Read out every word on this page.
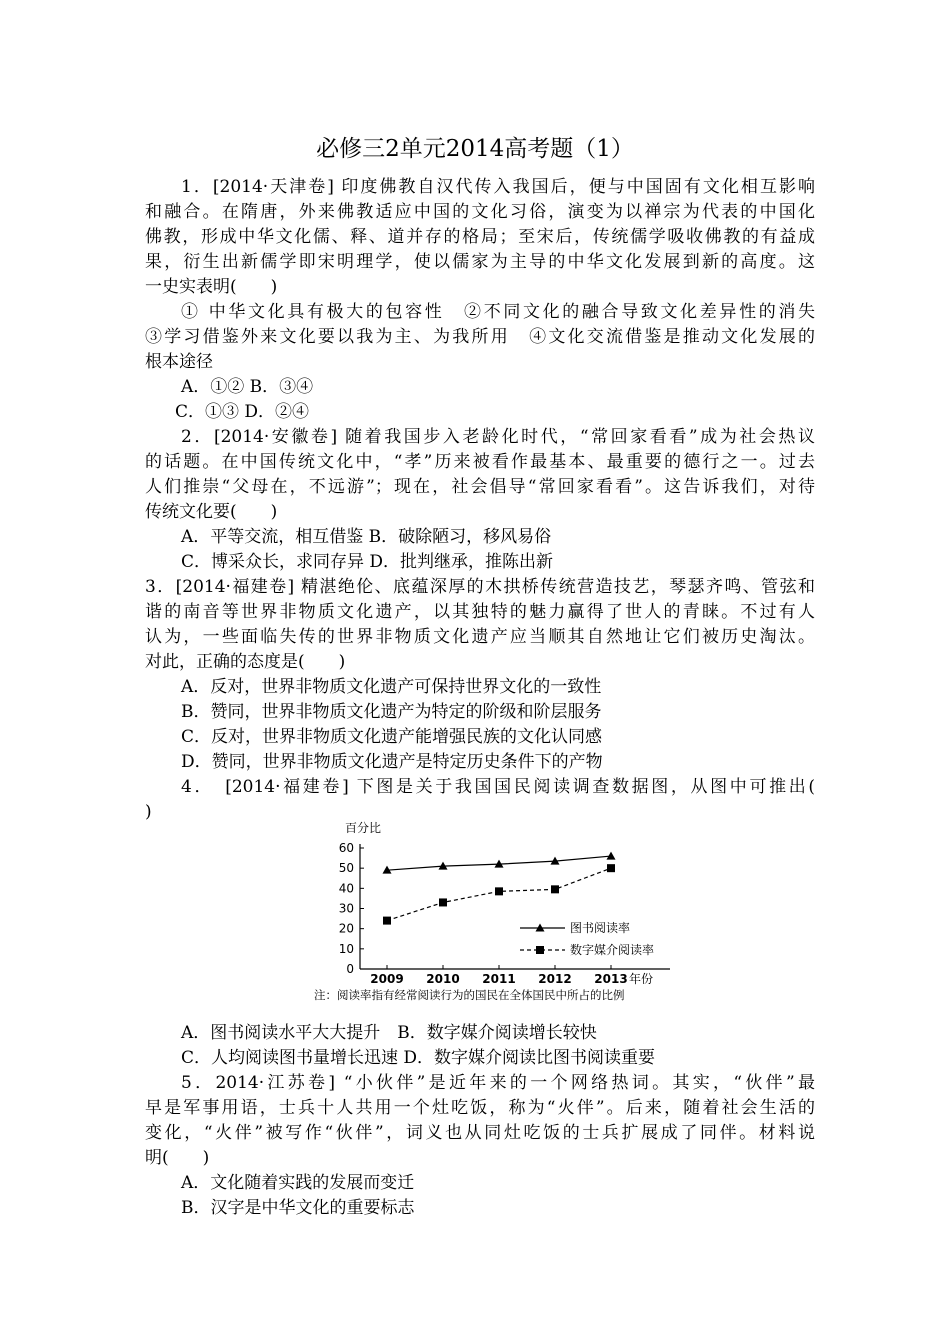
必修三2单元2014高考题（1）
1．[2014·天津卷] 印度佛教自汉代传入我国后，便与中国固有文化相互影响
和融合。在隋唐，外来佛教适应中国的文化习俗，演变为以禅宗为代表的中国化
佛教，形成中华文化儒、释、道并存的格局；至宋后，传统儒学吸收佛教的有益成
果，衍生出新儒学即宋明理学，使以儒家为主导的中华文化发展到新的高度。这
一史实表明(　　)
① 中华文化具有极大的包容性　②不同文化的融合导致文化差异性的消失
③学习借鉴外来文化要以我为主、为我所用　④文化交流借鉴是推动文化发展的
根本途径
A．①② B．③④
C．①③ D．②④
2．[2014·安徽卷] 随着我国步入老龄化时代，“常回家看看”成为社会热议
的话题。在中国传统文化中，“孝”历来被看作最基本、最重要的德行之一。过去
人们推崇“父母在，不远游”；现在，社会倡导“常回家看看”。这告诉我们，对待
传统文化要(　　)
A．平等交流，相互借鉴 B．破除陋习，移风易俗
C．博采众长，求同存异 D．批判继承，推陈出新
3．[2014·福建卷] 精湛绝伦、底蕴深厚的木拱桥传统营造技艺，琴瑟齐鸣、管弦和
谐的南音等世界非物质文化遗产，以其独特的魅力赢得了世人的青睐。不过有人
认为，一些面临失传的世界非物质文化遗产应当顺其自然地让它们被历史淘汰。
对此，正确的态度是(　　)
A．反对，世界非物质文化遗产可保持世界文化的一致性
B．赞同，世界非物质文化遗产为特定的阶级和阶层服务
C．反对，世界非物质文化遗产能增强民族的文化认同感
D．赞同，世界非物质文化遗产是特定历史条件下的产物
4．　[2014·福建卷] 下图是关于我国国民阅读调查数据图，从图中可推出(
)
百分比
0
10
20
30
40
50
60
2009 2010 2011 2012 2013 年份
图书阅读率
数字媒介阅读率
注：阅读率指有经常阅读行为的国民在全体国民中所占的比例
A．图书阅读水平大大提升　B．数字媒介阅读增长较快
C．人均阅读图书量增长迅速 D．数字媒介阅读比图书阅读重要
5．2014·江苏卷] “小伙伴”是近年来的一个网络热词。其实，“伙伴”最
早是军事用语，士兵十人共用一个灶吃饭，称为“火伴”。后来，随着社会生活的
变化，“火伴”被写作“伙伴”，词义也从同灶吃饭的士兵扩展成了同伴。材料说
明(　　)
A．文化随着实践的发展而变迁
B．汉字是中华文化的重要标志
